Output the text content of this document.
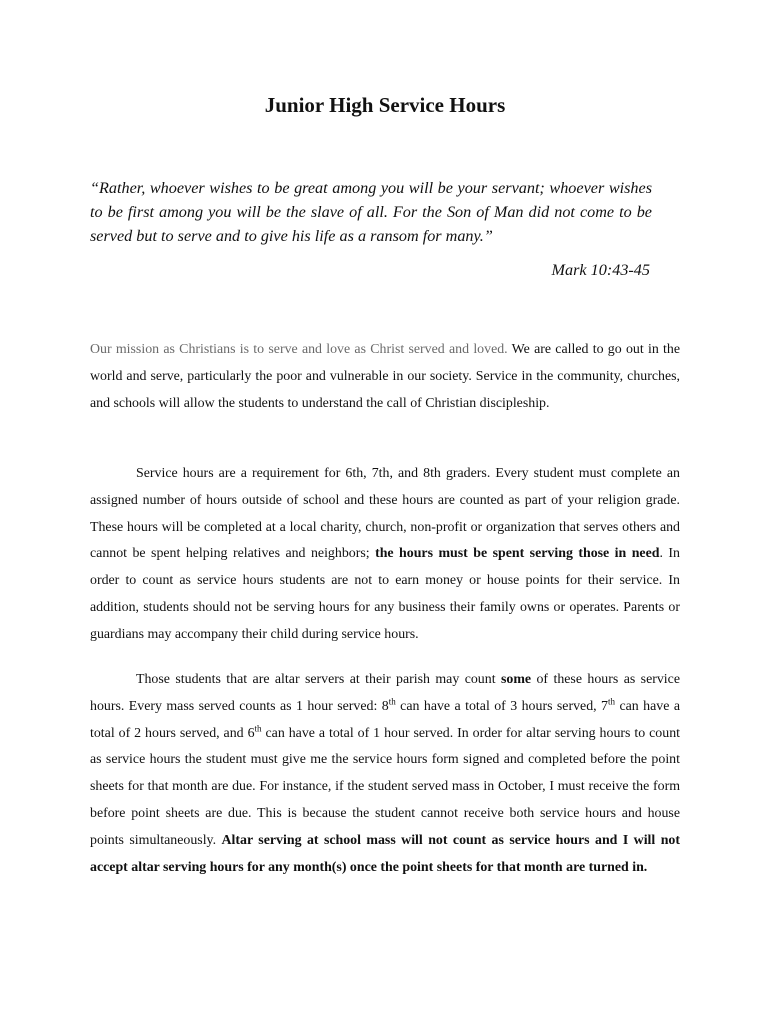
Junior High Service Hours

“Rather, whoever wishes to be great among you will be your servant; whoever wishes to be first among you will be the slave of all. For the Son of Man did not come to be served but to serve and to give his life as a ransom for many.”

Mark 10:43-45

Our mission as Christians is to serve and love as Christ served and loved. We are called to go out in the world and serve, particularly the poor and vulnerable in our society. Service in the community, churches, and schools will allow the students to understand the call of Christian discipleship.

Service hours are a requirement for 6th, 7th, and 8th graders. Every student must complete an assigned number of hours outside of school and these hours are counted as part of your religion grade. These hours will be completed at a local charity, church, non-profit or organization that serves others and cannot be spent helping relatives and neighbors; the hours must be spent serving those in need. In order to count as service hours students are not to earn money or house points for their service. In addition, students should not be serving hours for any business their family owns or operates. Parents or guardians may accompany their child during service hours.

Those students that are altar servers at their parish may count some of these hours as service hours. Every mass served counts as 1 hour served: 8th can have a total of 3 hours served, 7th can have a total of 2 hours served, and 6th can have a total of 1 hour served. In order for altar serving hours to count as service hours the student must give me the service hours form signed and completed before the point sheets for that month are due. For instance, if the student served mass in October, I must receive the form before point sheets are due. This is because the student cannot receive both service hours and house points simultaneously. Altar serving at school mass will not count as service hours and I will not accept altar serving hours for any month(s) once the point sheets for that month are turned in.
